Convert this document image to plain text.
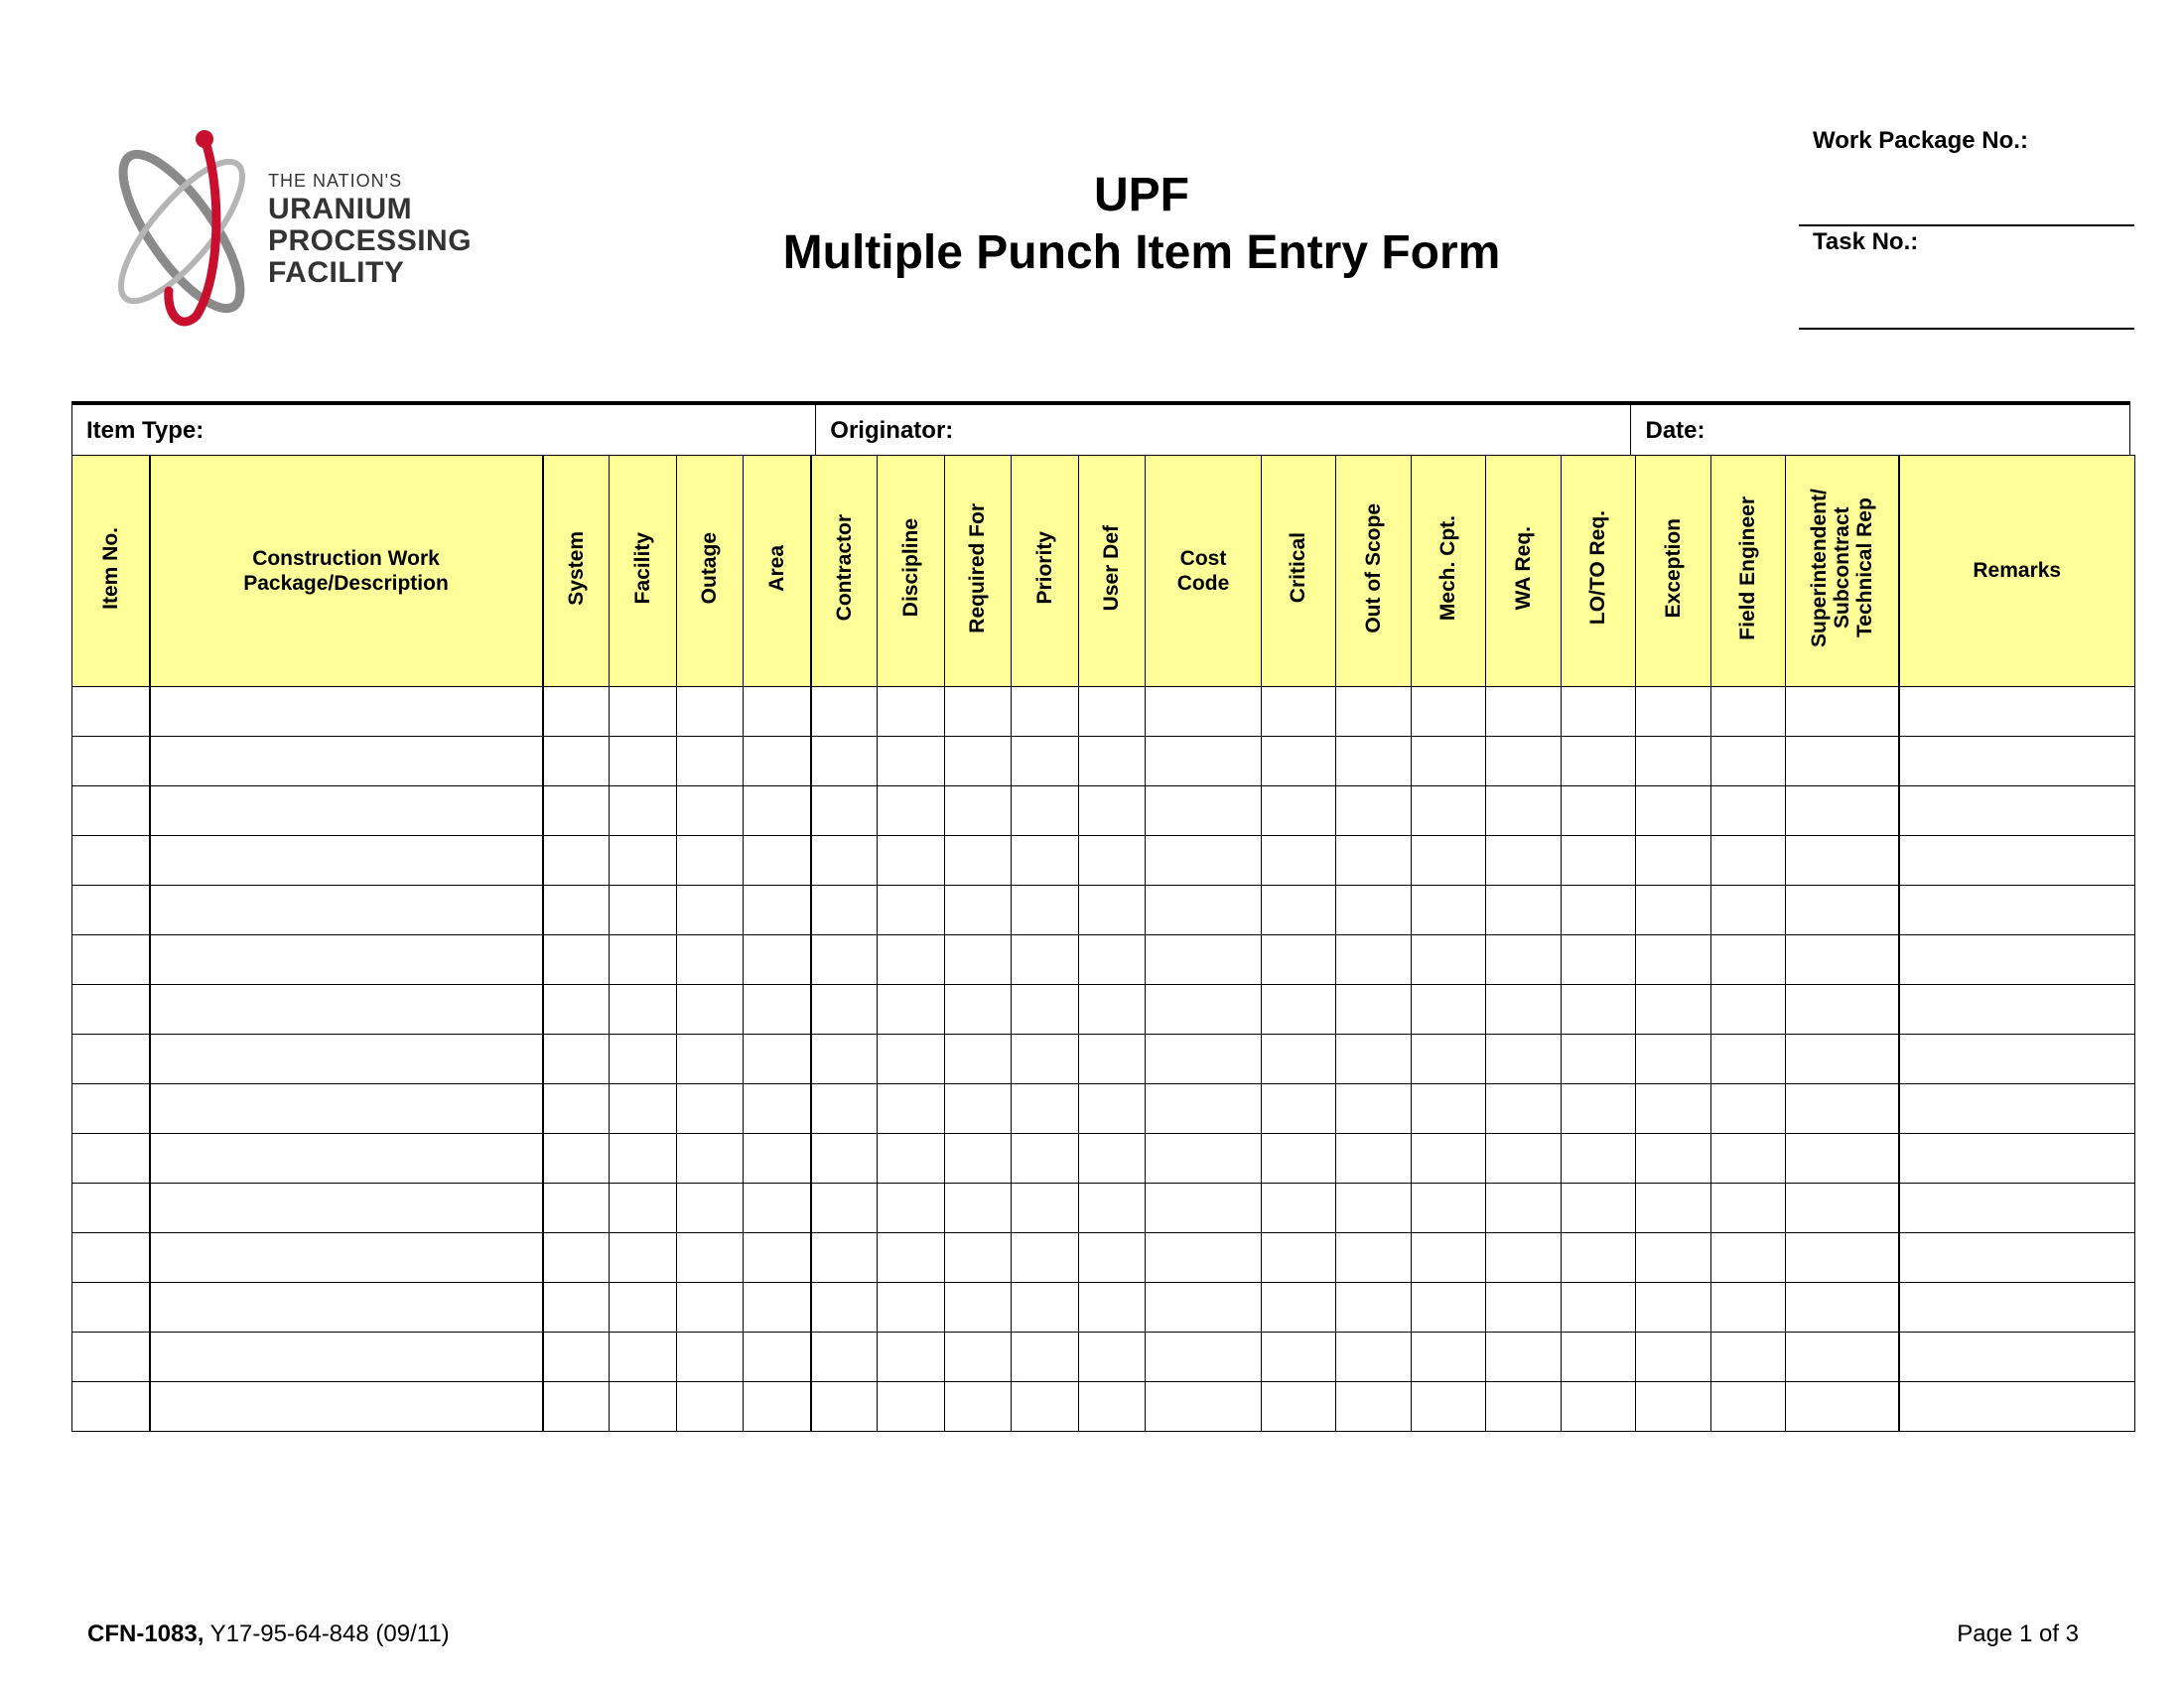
THE NATION'S
URANIUM
PROCESSING
FACILITY
UPF
Multiple Punch Item Entry Form
Work Package No.:
Task No.:
Item Type:	Originator:	Date:
Item No.	Construction Work Package/Description	System	Facility	Outage	Area	Contractor	Discipline	Required For	Priority	User Def	Cost Code	Critical	Out of Scope	Mech. Cpt.	WA Req.	LO/TO Req.	Exception	Field Engineer	Superintendent/ Subcontract Technical Rep	Remarks

CFN-1083, Y17-95-64-848 (09/11)	Page 1 of 3
